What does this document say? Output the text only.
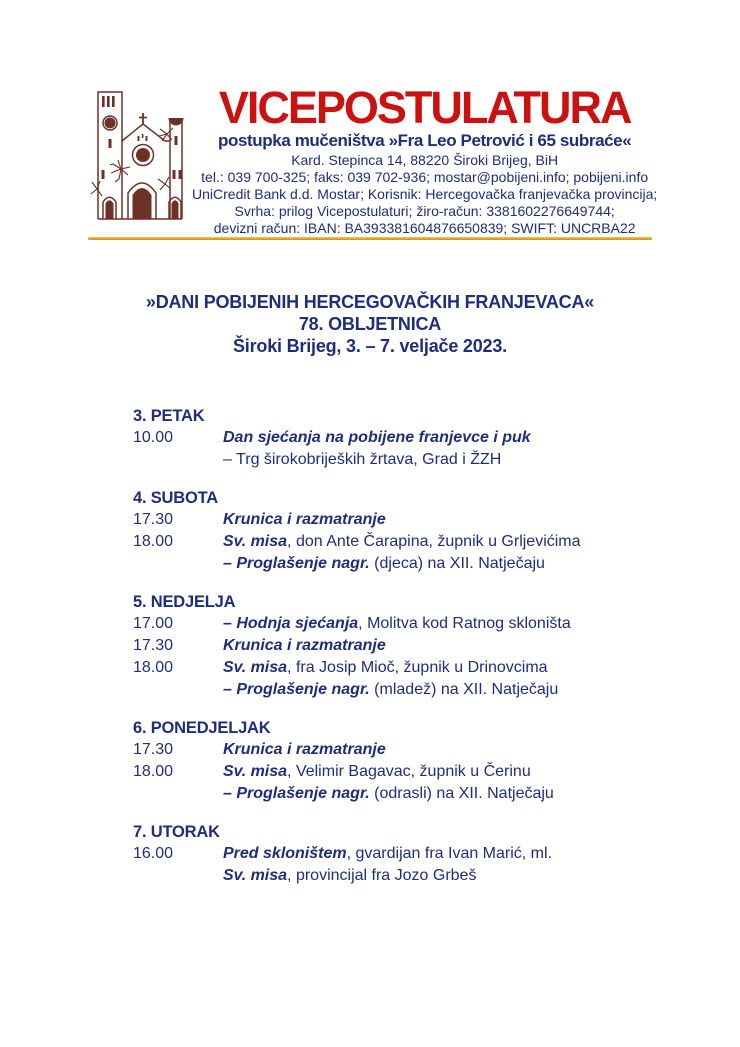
VICEPOSTULATURA
postupka mučeništva »Fra Leo Petrović i 65 subraće«
Kard. Stepinca 14, 88220 Široki Brijeg, BiH
tel.: 039 700-325; faks: 039 702-936; mostar@pobijeni.info; pobijeni.info
UniCredit Bank d.d. Mostar; Korisnik: Hercegovačka franjevačka provincija;
Svrha: prilog Vicepostulaturi; žiro-račun: 3381602276649744;
devizni račun: IBAN: BA393381604876650839; SWIFT: UNCRBA22
»DANI POBIJENIH HERCEGOVAČKIH FRANJEVACA«
78. OBLJETNICA
Široki Brijeg, 3. – 7. veljače 2023.
3. PETAK
10.00	Dan sjećanja na pobijene franjevce i puk
– Trg širokobrijeških žrtava, Grad i ŽZH
4. SUBOTA
17.30	Krunica i razmatranje
18.00	Sv. misa, don Ante Čarapina, župnik u Grljevićima
– Proglašenje nagr. (djeca) na XII. Natječaju
5. NEDJELJA
17.00	– Hodnja sjećanja, Molitva kod Ratnog skloništa
17.30	Krunica i razmatranje
18.00	Sv. misa, fra Josip Mioč, župnik u Drinovcima
– Proglašenje nagr. (mladež) na XII. Natječaju
6. PONEDJELJAK
17.30	Krunica i razmatranje
18.00	Sv. misa, Velimir Bagavac, župnik u Čerinu
– Proglašenje nagr. (odrasli) na XII. Natječaju
7. UTORAK
16.00	Pred skloništem, gvardijan fra Ivan Marić, ml.
Sv. misa, provincijal fra Jozo Grbeš
